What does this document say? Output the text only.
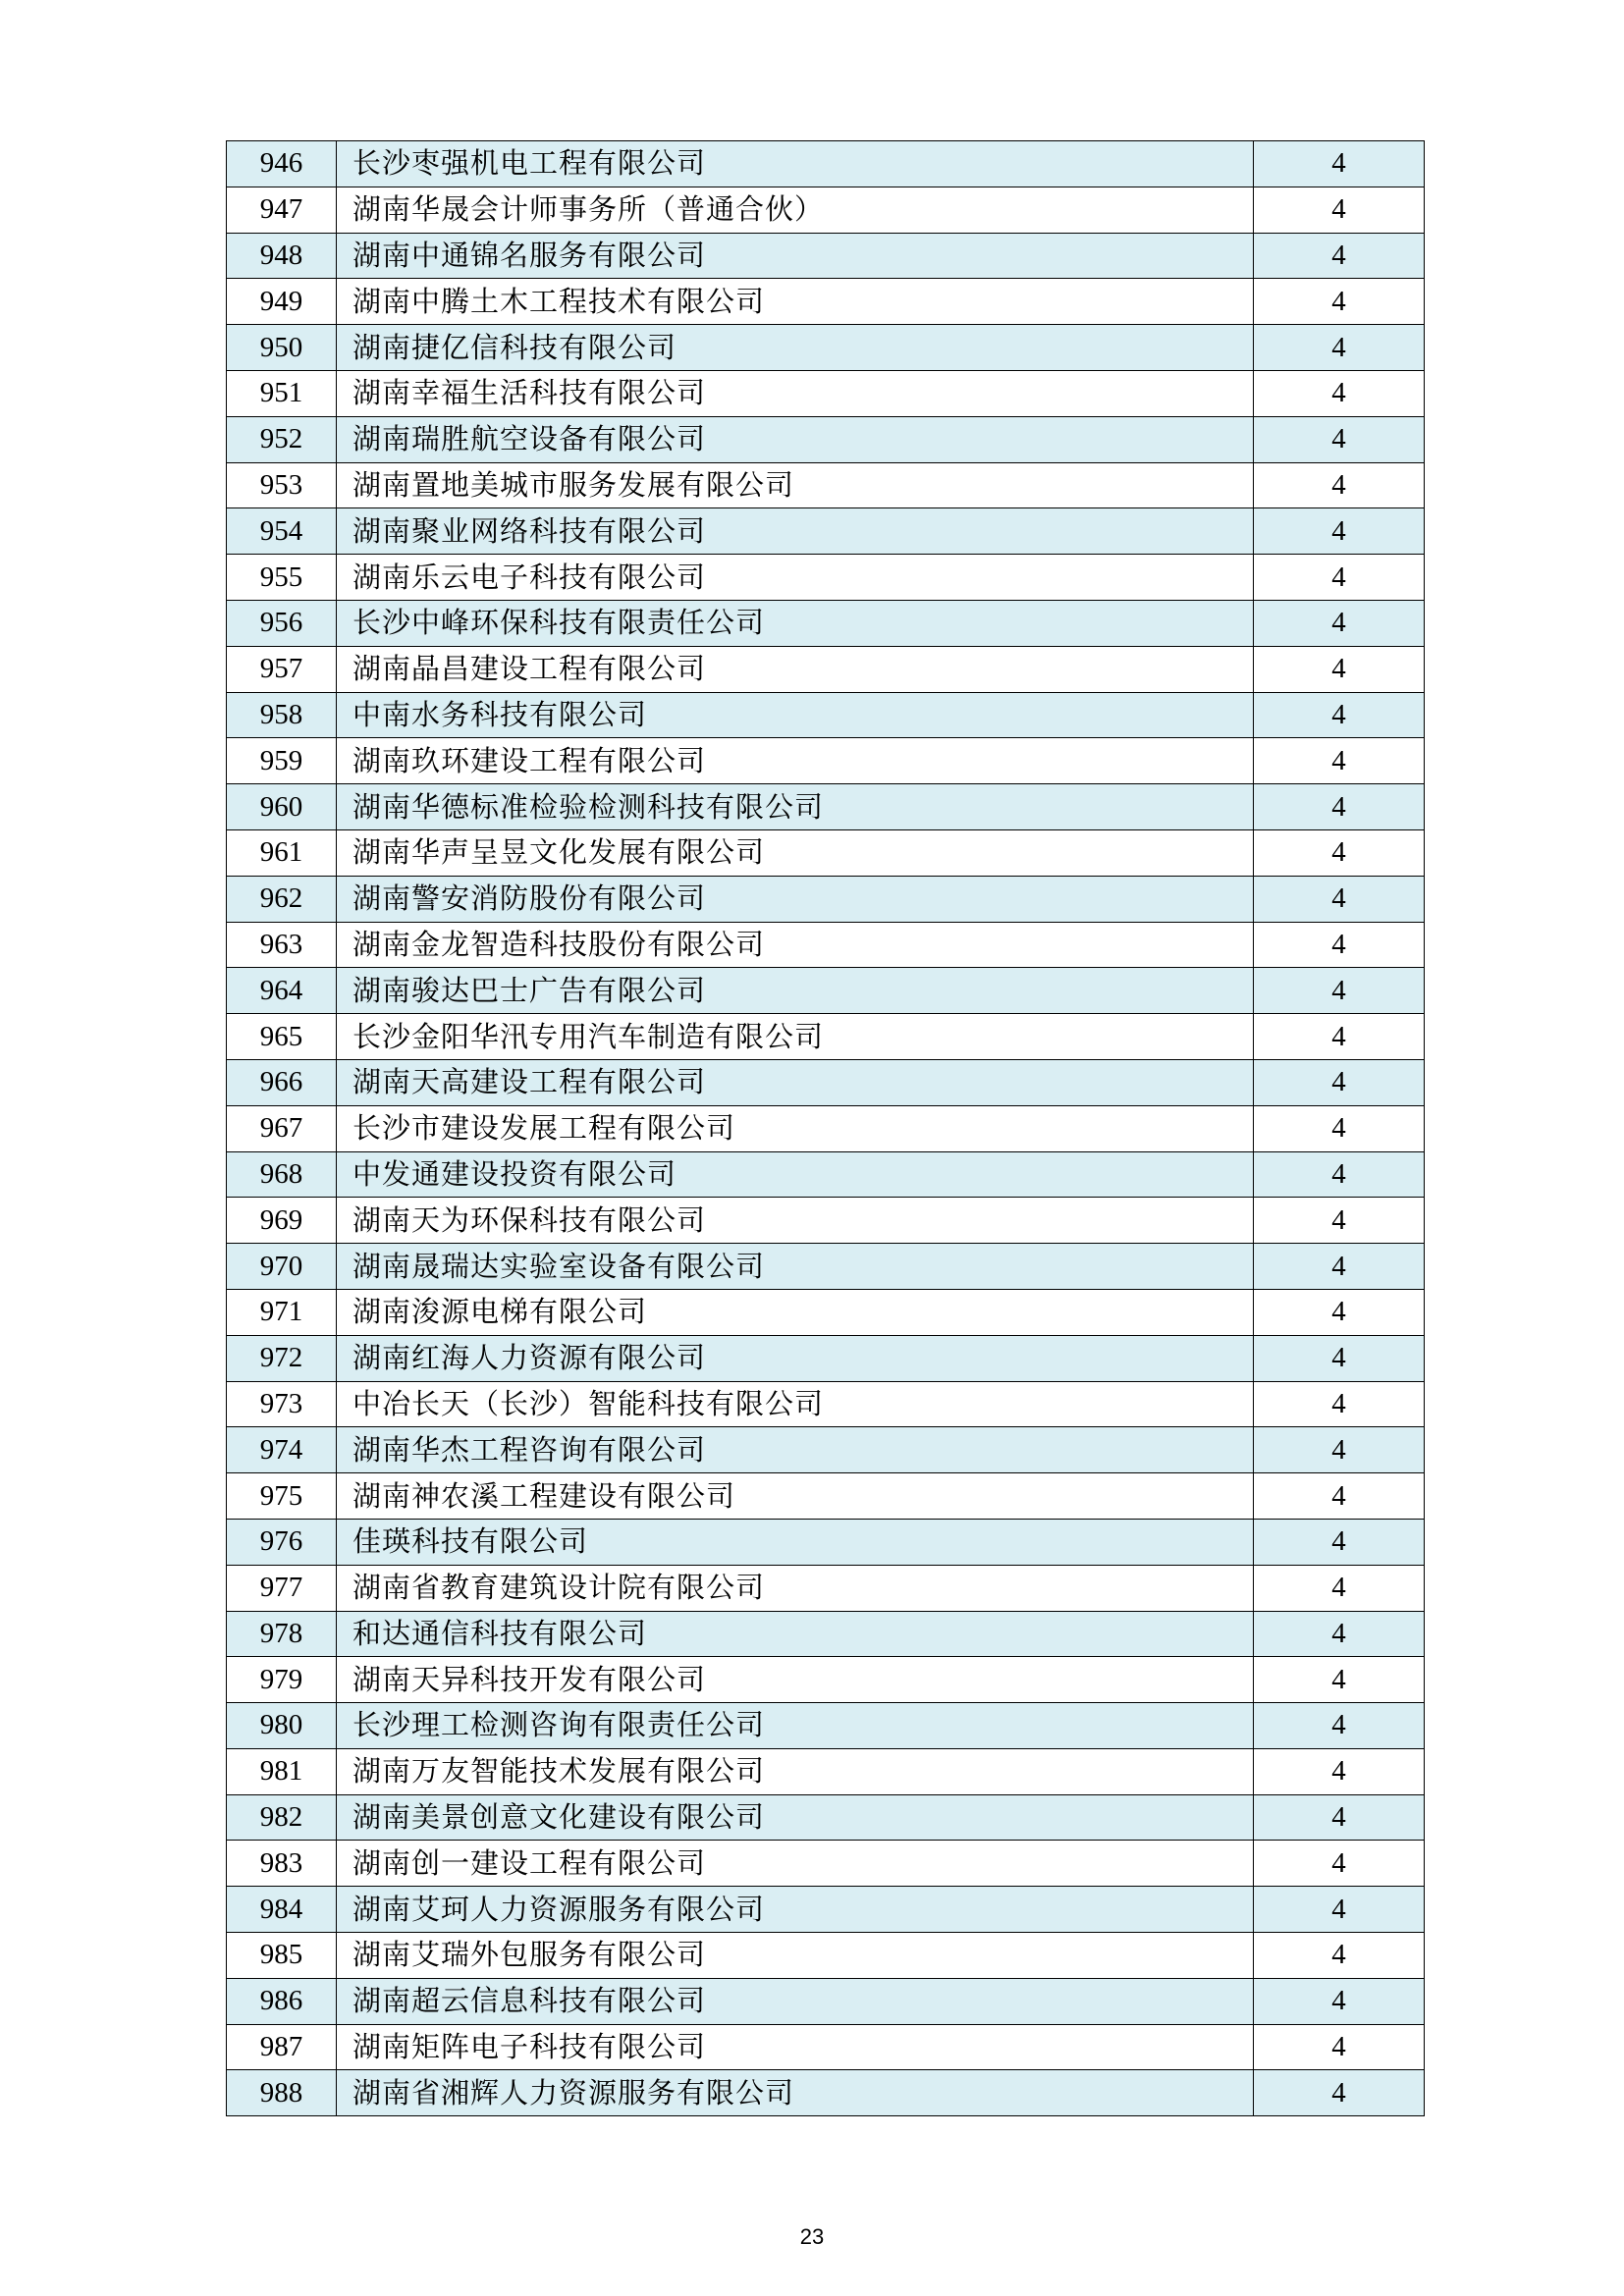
946	长沙枣强机电工程有限公司	4
947	湖南华晟会计师事务所（普通合伙）	4
948	湖南中通锦名服务有限公司	4
949	湖南中腾土木工程技术有限公司	4
950	湖南捷亿信科技有限公司	4
951	湖南幸福生活科技有限公司	4
952	湖南瑞胜航空设备有限公司	4
953	湖南置地美城市服务发展有限公司	4
954	湖南聚业网络科技有限公司	4
955	湖南乐云电子科技有限公司	4
956	长沙中峰环保科技有限责任公司	4
957	湖南晶昌建设工程有限公司	4
958	中南水务科技有限公司	4
959	湖南玖环建设工程有限公司	4
960	湖南华德标准检验检测科技有限公司	4
961	湖南华声呈昱文化发展有限公司	4
962	湖南警安消防股份有限公司	4
963	湖南金龙智造科技股份有限公司	4
964	湖南骏达巴士广告有限公司	4
965	长沙金阳华汛专用汽车制造有限公司	4
966	湖南天高建设工程有限公司	4
967	长沙市建设发展工程有限公司	4
968	中发通建设投资有限公司	4
969	湖南天为环保科技有限公司	4
970	湖南晟瑞达实验室设备有限公司	4
971	湖南浚源电梯有限公司	4
972	湖南红海人力资源有限公司	4
973	中冶长天（长沙）智能科技有限公司	4
974	湖南华杰工程咨询有限公司	4
975	湖南神农溪工程建设有限公司	4
976	佳瑛科技有限公司	4
977	湖南省教育建筑设计院有限公司	4
978	和达通信科技有限公司	4
979	湖南天异科技开发有限公司	4
980	长沙理工检测咨询有限责任公司	4
981	湖南万友智能技术发展有限公司	4
982	湖南美景创意文化建设有限公司	4
983	湖南创一建设工程有限公司	4
984	湖南艾珂人力资源服务有限公司	4
985	湖南艾瑞外包服务有限公司	4
986	湖南超云信息科技有限公司	4
987	湖南矩阵电子科技有限公司	4
988	湖南省湘辉人力资源服务有限公司	4
23
